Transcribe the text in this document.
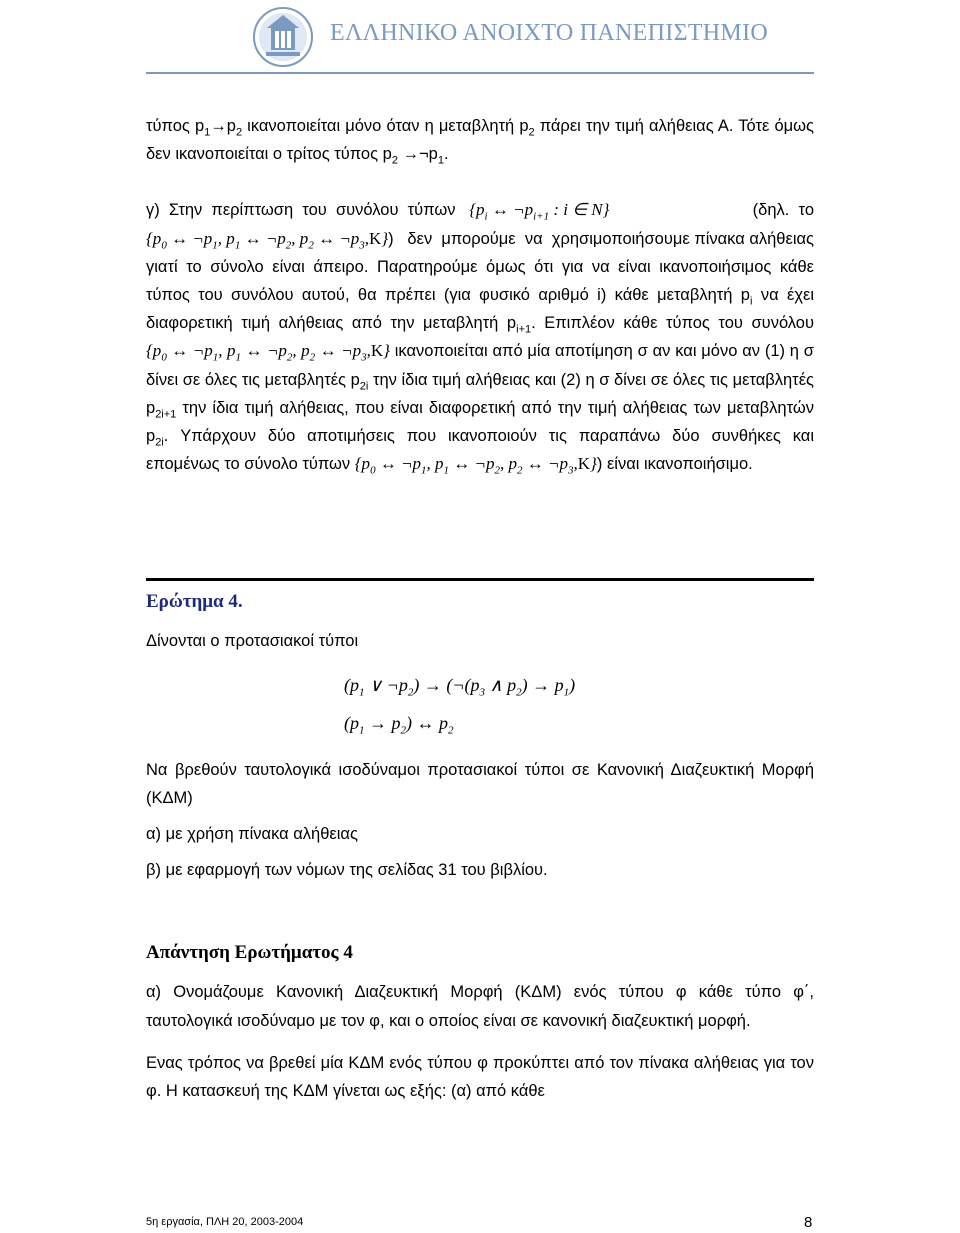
ΕΛΛΗΝΙΚΟ ΑΝΟΙΧΤΟ ΠΑΝΕΠΙΣΤΗΜΙΟ

τύπος $p_1\to p_2$ ικανοποιείται μόνο όταν η μεταβλητή $p_2$ πάρει την τιμή αλήθειας Α. Τότε όμως δεν ικανοποιείται ο τρίτος τύπος $p_2$ $\to\neg p_1$.

γ)  Στην  περίπτωση  του  συνόλου  τύπων   {$p_i$ ↔ $\neg p_{i+1}$ : i ∈ N}	(δηλ.  το

{$p_0$ ↔ $\neg p_1$, $p_1$ ↔ $\neg p_2$, $p_2$ ↔ $\neg p_3,K$})   δεν  μπορούμε  να  χρησιμοποιήσουμε πίνακα αλήθειας γιατί το σύνολο είναι άπειρο. Παρατηρούμε όμως ότι για να είναι ικανοποιήσιμος κάθε τύπος του συνόλου αυτού, θα πρέπει (για φυσικό αριθμό i) κάθε μεταβλητή $p_i$ να έχει διαφορετική τιμή αλήθειας από την μεταβλητή $p_{i+1}$. Επιπλέον κάθε τύπος του συνόλου {$p_0$ ↔ $\neg p_1$, $p_1$ ↔ $\neg p_2$, $p_2$ ↔ $\neg p_3,K$} ικανοποιείται από μία αποτίμηση σ αν και μόνο αν (1) η σ δίνει σε όλες τις μεταβλητές $p_{2i}$ την ίδια τιμή αλήθειας και (2) η σ δίνει σε όλες τις μεταβλητές $p_{2i+1}$ την ίδια τιμή αλήθειας, που είναι διαφορετική από την τιμή αλήθειας των μεταβλητών $p_{2i}$. Υπάρχουν δύο αποτιμήσεις που ικανοποιούν τις παραπάνω δύο συνθήκες και επομένως το σύνολο τύπων {$p_0$ ↔ $\neg p_1$, $p_1$ ↔ $\neg p_2$, $p_2$ ↔ $\neg p_3,K$}) είναι ικανοποιήσιμο.

Ερώτημα 4.

Δίνονται ο προτασιακοί τύποι

($p_1$ ∨ $\neg p_2$) → ($\neg(p_3$ ∧ $p_2) \to p_1$)
$(p_1 \to p_2)$ ↔ $p_2$

Να βρεθούν ταυτολογικά ισοδύναμοι προτασιακοί τύποι σε Κανονική Διαζευκτική Μορφή (ΚΔΜ)

α) με χρήση πίνακα αλήθειας

β) με εφαρμογή των νόμων της σελίδας 31 του βιβλίου.

Απάντηση Ερωτήματος 4

α) Ονομάζουμε Κανονική Διαζευκτική Μορφή (ΚΔΜ) ενός τύπου φ κάθε τύπο φ΄, ταυτολογικά ισοδύναμο με τον φ, και ο οποίος είναι σε κανονική διαζευκτική μορφή.

Ενας τρόπος να βρεθεί μία ΚΔΜ ενός τύπου φ προκύπτει από τον πίνακα αλήθειας για τον φ. Η κατασκευή της ΚΔΜ γίνεται ως εξής: (α) από κάθε

5η εργασία, ΠΛΗ 20, 2003-2004	8
